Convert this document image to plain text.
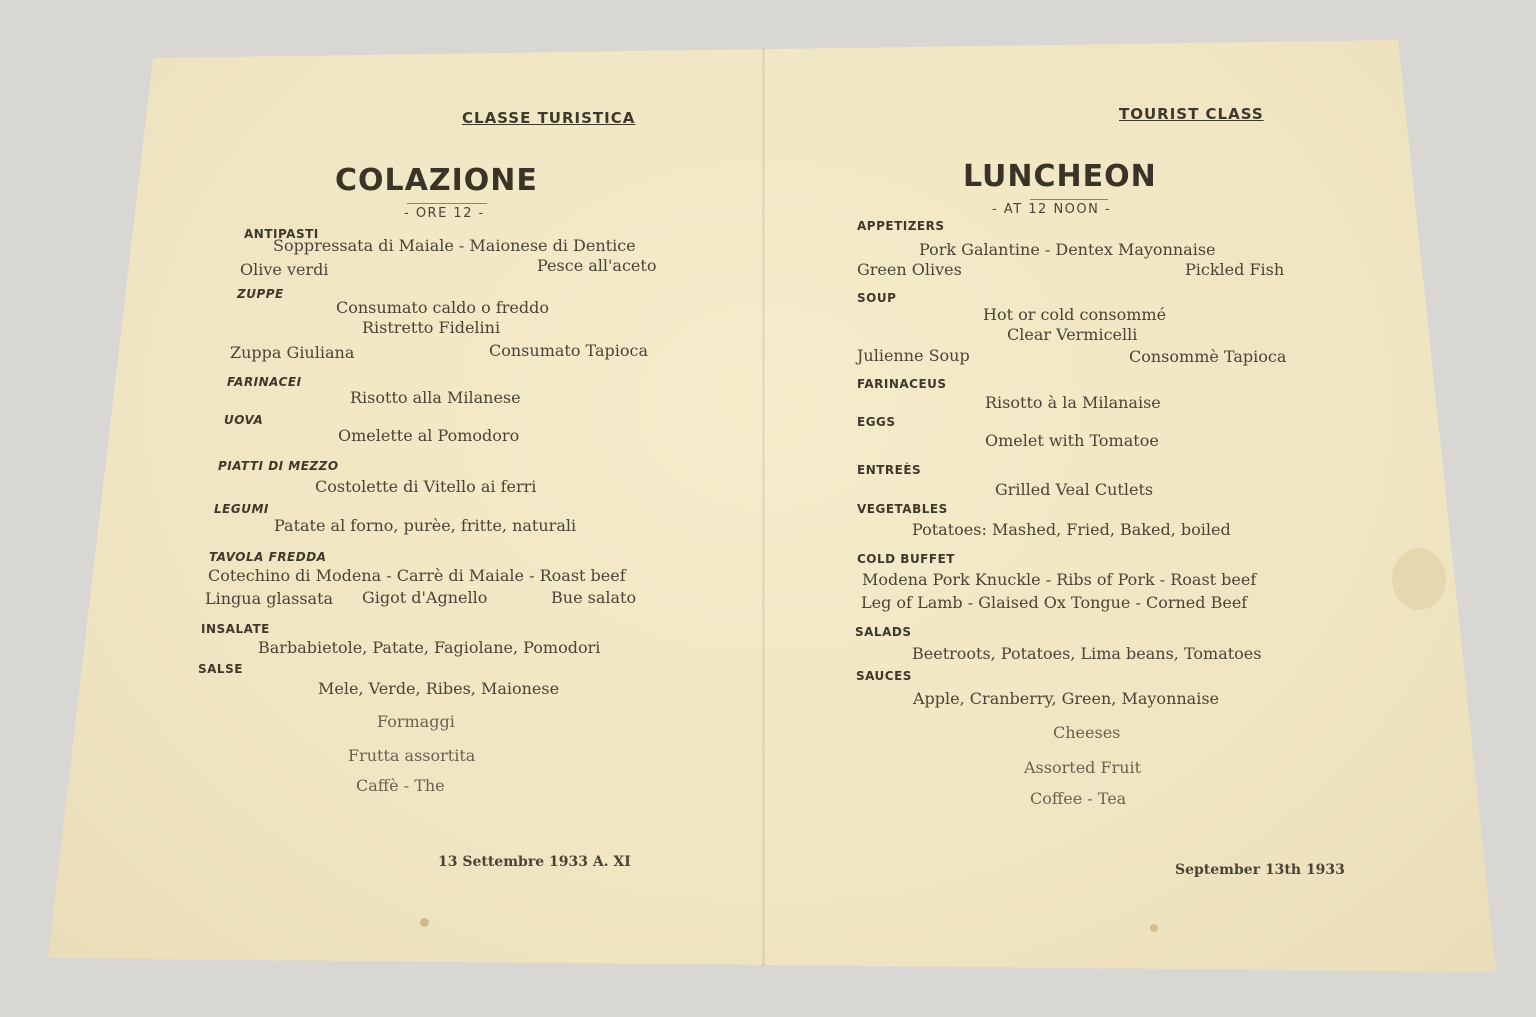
CLASSE TURISTICA
COLAZIONE
- ORE 12 -
ANTIPASTI
Soppressata di Maiale - Maionese di Dentice
Olive verdi	Pesce all'aceto
ZUPPE
Consumato caldo o freddo
Ristretto Fidelini
Zuppa Giuliana	Consumato Tapioca
FARINACEI
Risotto alla Milanese
UOVA
Omelette al Pomodoro
PIATTI DI MEZZO
Costolette di Vitello ai ferri
LEGUMI
Patate al forno, purèe, fritte, naturali
TAVOLA FREDDA
Cotechino di Modena - Carrè di Maiale - Roast beef
Lingua glassata Gigot d'Agnello	Bue salato
INSALATE
Barbabietole, Patate, Fagiolane, Pomodori
SALSE
Mele, Verde, Ribes, Maionese
Formaggi
Frutta assortita
Caffè - The
13 Settembre 1933 A. XI
TOURIST CLASS
LUNCHEON
- AT 12 NOON -
APPETIZERS
Pork Galantine - Dentex Mayonnaise
Green Olives	Pickled Fish
SOUP
Hot or cold consommé
Clear Vermicelli
Julienne Soup	Consommè Tapioca
FARINACEUS
Risotto à la Milanaise
EGGS
Omelet with Tomatoe
ENTREÈS
Grilled Veal Cutlets
VEGETABLES
Potatoes: Mashed, Fried, Baked, boiled
COLD BUFFET
Modena Pork Knuckle - Ribs of Pork - Roast beef
Leg of Lamb - Glaised Ox Tongue - Corned Beef
SALADS
Beetroots, Potatoes, Lima beans, Tomatoes
SAUCES
Apple, Cranberry, Green, Mayonnaise
Cheeses
Assorted Fruit
Coffee - Tea
September 13th 1933
